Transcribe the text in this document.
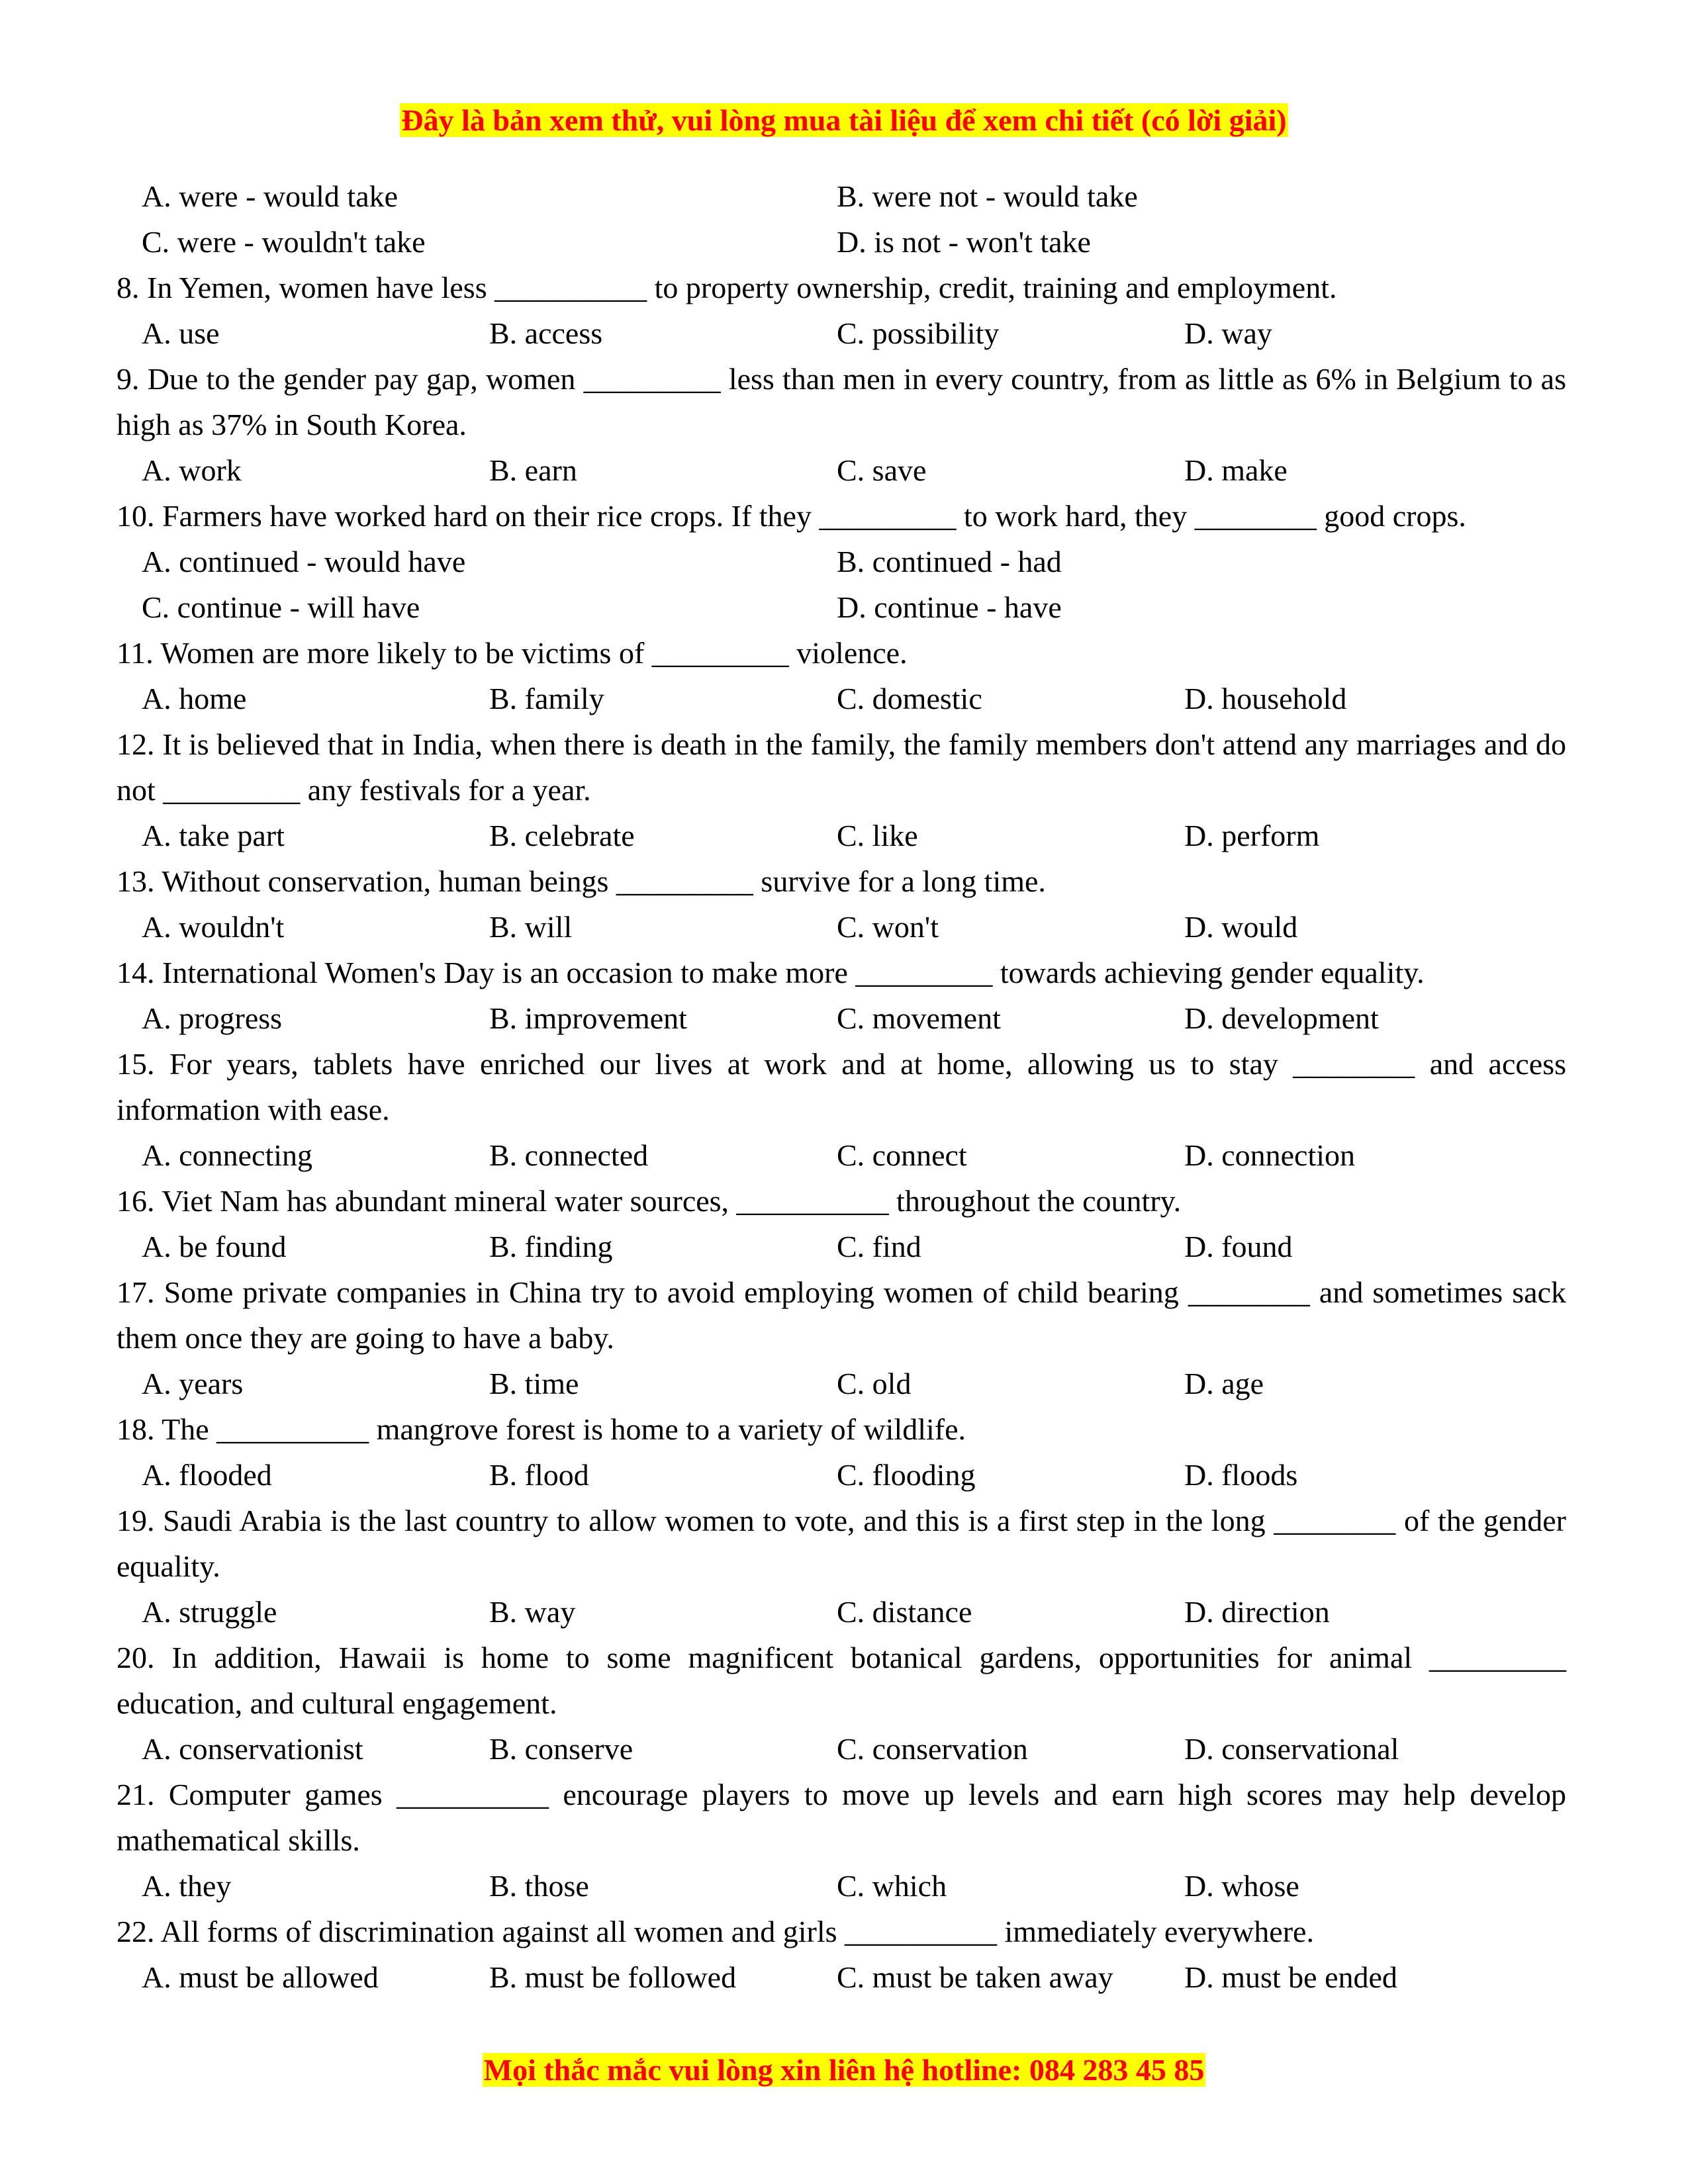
Đây là bản xem thử, vui lòng mua tài liệu để xem chi tiết (có lời giải)
A. were - would take	B. were not - would take
C. were - wouldn't take	D. is not - won't take

8. In Yemen, women have less __________ to property ownership, credit, training and employment.

A. use	B. access	C. possibility	D. way

9. Due to the gender pay gap, women _________ less than men in every country, from as little as 6% in Belgium to as high as 37% in South Korea.

A. work	B. earn	C. save	D. make

10. Farmers have worked hard on their rice crops. If they _________ to work hard, they ________ good crops.

A. continued - would have	B. continued - had
C. continue - will have	D. continue - have

11. Women are more likely to be victims of _________ violence.

A. home	B. family	C. domestic	D. household

12. It is believed that in India, when there is death in the family, the family members don't attend any marriages and do not _________ any festivals for a year.

A. take part	B. celebrate	C. like	D. perform

13. Without conservation, human beings _________ survive for a long time.

A. wouldn't	B. will	C. won't	D. would

14. International Women's Day is an occasion to make more _________ towards achieving gender equality.

A. progress	B. improvement	C. movement	D. development

15. For years, tablets have enriched our lives at work and at home, allowing us to stay ________ and access information with ease.

A. connecting	B. connected	C. connect	D. connection

16. Viet Nam has abundant mineral water sources, __________ throughout the country.

A. be found	B. finding	C. find	D. found

17. Some private companies in China try to avoid employing women of child bearing ________ and sometimes sack them once they are going to have a baby.

A. years	B. time	C. old	D. age

18. The __________ mangrove forest is home to a variety of wildlife.

A. flooded	B. flood	C. flooding	D. floods

19. Saudi Arabia is the last country to allow women to vote, and this is a first step in the long ________ of the gender equality.

A. struggle	B. way	C. distance	D. direction

20. In addition, Hawaii is home to some magnificent botanical gardens, opportunities for animal _________ education, and cultural engagement.

A. conservationist	B. conserve	C. conservation	D. conservational

21. Computer games __________ encourage players to move up levels and earn high scores may help develop mathematical skills.

A. they	B. those	C. which	D. whose

22. All forms of discrimination against all women and girls __________ immediately everywhere.

A. must be allowed	B. must be followed	C. must be taken away	D. must be ended
Mọi thắc mắc vui lòng xin liên hệ hotline: 084 283 45 85
